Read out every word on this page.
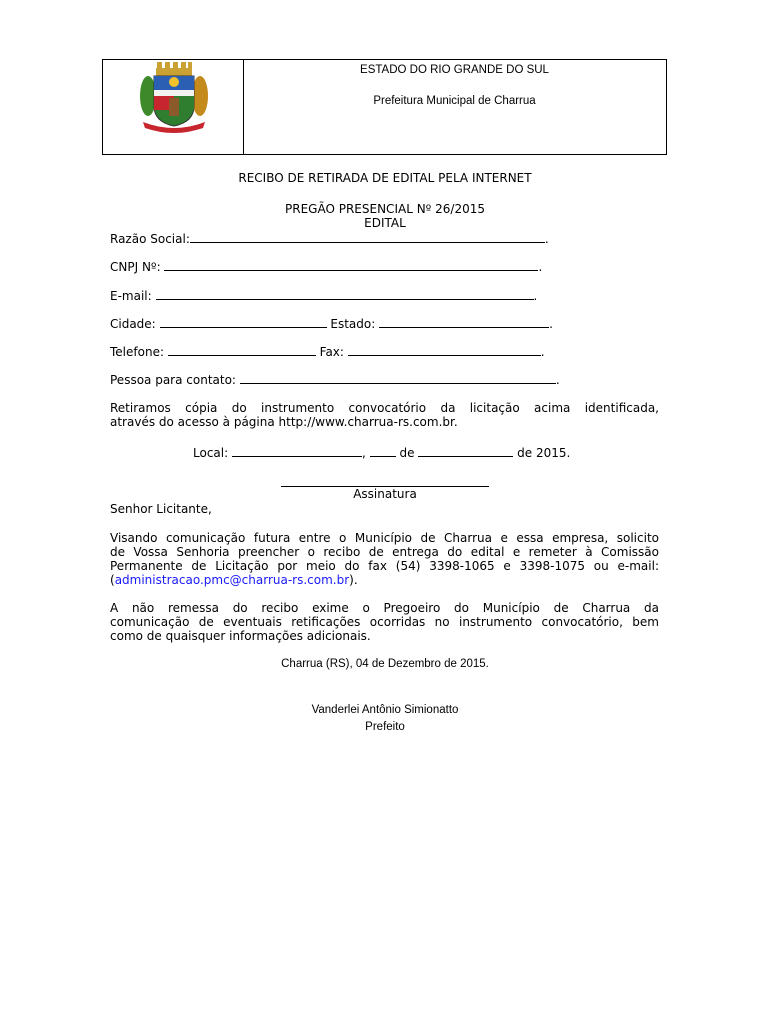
ESTADO DO RIO GRANDE DO SUL
Prefeitura Municipal de Charrua
RECIBO DE RETIRADA DE EDITAL PELA INTERNET
PREGÃO PRESENCIAL Nº 26/2015
EDITAL
Razão Social:	.
CNPJ Nº:	.
E-mail:	.
Cidade:	Estado:	.
Telefone:	Fax:	.
Pessoa para contato:	.
Retiramos cópia do instrumento convocatório da licitação acima identificada,
através do acesso à página http://www.charrua-rs.com.br.
Local:	,	de	de 2015.
Assinatura
Senhor Licitante,
Visando comunicação futura entre o Município de Charrua e essa empresa, solicito
de Vossa Senhoria preencher o recibo de entrega do edital e remeter à Comissão
Permanente de Licitação por meio do fax (54) 3398-1065 e 3398-1075 ou e-mail:
(administracao.pmc@charrua-rs.com.br).
A não remessa do recibo exime o Pregoeiro do Município de Charrua da
comunicação de eventuais retificações ocorridas no instrumento convocatório, bem
como de quaisquer informações adicionais.
Charrua (RS), 04 de Dezembro de 2015.
Vanderlei Antônio Simionatto
Prefeito
